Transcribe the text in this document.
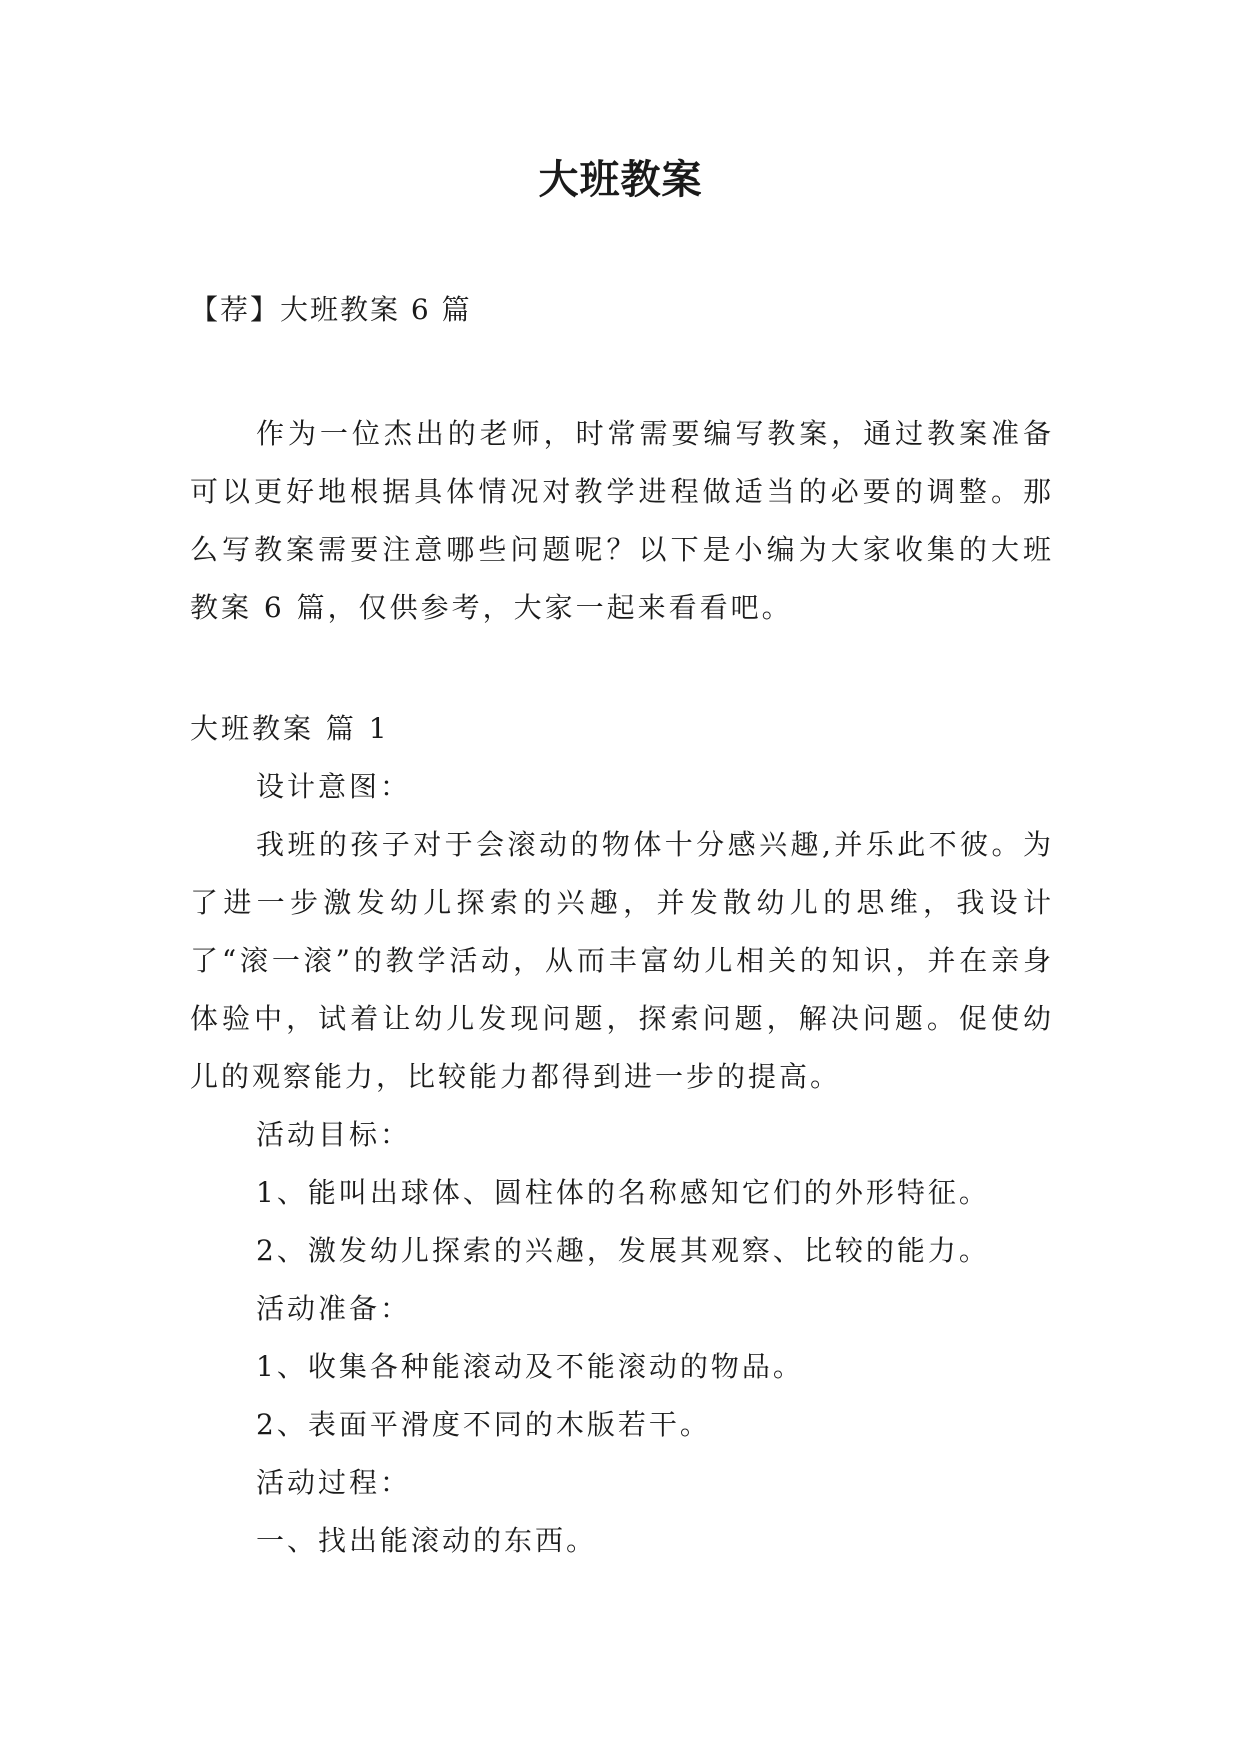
大班教案

【荐】大班教案 6 篇

作为一位杰出的老师，时常需要编写教案，通过教案准备可以更好地根据具体情况对教学进程做适当的必要的调整。那么写教案需要注意哪些问题呢？以下是小编为大家收集的大班教案 6 篇，仅供参考，大家一起来看看吧。

大班教案 篇 1

设计意图：

我班的孩子对于会滚动的物体十分感兴趣,并乐此不彼。为了进一步激发幼儿探索的兴趣，并发散幼儿的思维，我设计了“滚一滚”的教学活动，从而丰富幼儿相关的知识，并在亲身体验中，试着让幼儿发现问题，探索问题，解决问题。促使幼儿的观察能力，比较能力都得到进一步的提高。

活动目标：

1、能叫出球体、圆柱体的名称感知它们的外形特征。

2、激发幼儿探索的兴趣，发展其观察、比较的能力。

活动准备：

1、收集各种能滚动及不能滚动的物品。

2、表面平滑度不同的木版若干。

活动过程：

一、找出能滚动的东西。
